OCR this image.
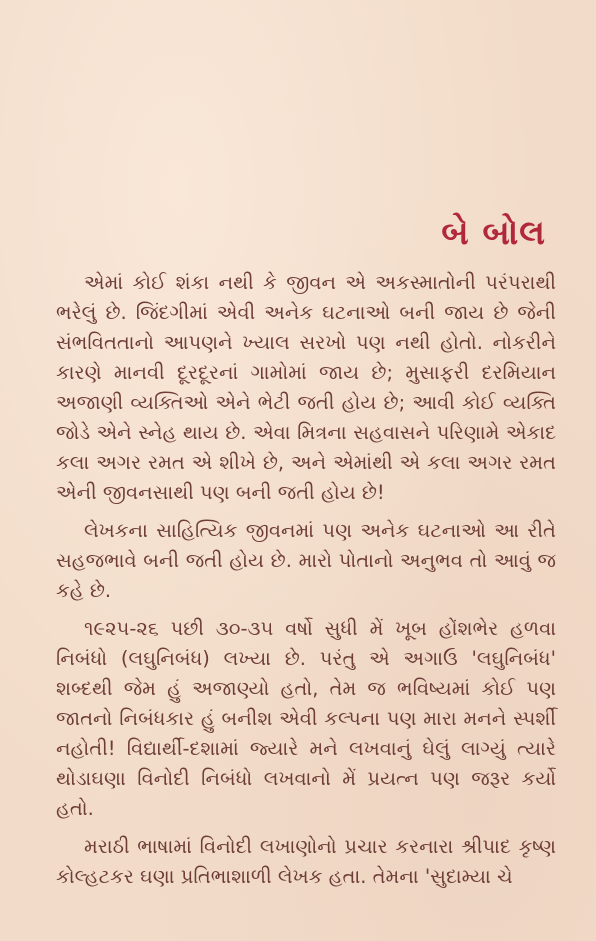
બે બોલ

એમાં કોઈ શંકા નથી કે જીવન એ અકસ્માતોની પરંપરાથી ભરેલું છે. જિંદગીમાં એવી અનેક ઘટનાઓ બની જાય છે જેની સંભવિતતાનો આપણને ખ્યાલ સરખો પણ નથી હોતો. નોકરીને કારણે માનવી દૂરદૂરનાં ગામોમાં જાય છે; મુસાફરી દરમિયાન અજાણી વ્યક્તિઓ એને ભેટી જતી હોય છે; આવી કોઈ વ્યક્તિ જોડે એને સ્નેહ થાય છે. એવા મિત્રના સહવાસને પરિણામે એકાદ કલા અગર રમત એ શીખે છે, અને એમાંથી એ કલા અગર રમત એની જીવનસાથી પણ બની જતી હોય છે!

લેખકના સાહિત્યિક જીવનમાં પણ અનેક ઘટનાઓ આ રીતે સહજભાવે બની જતી હોય છે. મારો પોતાનો અનુભવ તો આવું જ કહે છે.

૧૯૨૫-૨૬ પછી ૩૦-૩૫ વર્ષો સુધી મેં ખૂબ હોંશભેર હળવા નિબંધો (લઘુનિબંધ) લખ્યા છે. પરંતુ એ અગાઉ 'લઘુનિબંધ' શબ્દથી જેમ હું અજાણ્યો હતો, તેમ જ ભવિષ્યમાં કોઈ પણ જાતનો નિબંધકાર હું બનીશ એવી કલ્પના પણ મારા મનને સ્પર્શી નહોતી! વિદ્યાર્થી-દશામાં જ્યારે મને લખવાનું ઘેલું લાગ્યું ત્યારે થોડાઘણા વિનોદી નિબંધો લખવાનો મેં પ્રયત્ન પણ જરૂર કર્યો હતો.

મરાઠી ભાષામાં વિનોદી લખાણોનો પ્રચાર કરનારા શ્રીપાદ કૃષ્ણ કોલ્હટકર ઘણા પ્રતિભાશાળી લેખક હતા. તેમના 'સુદામ્યા ચે
